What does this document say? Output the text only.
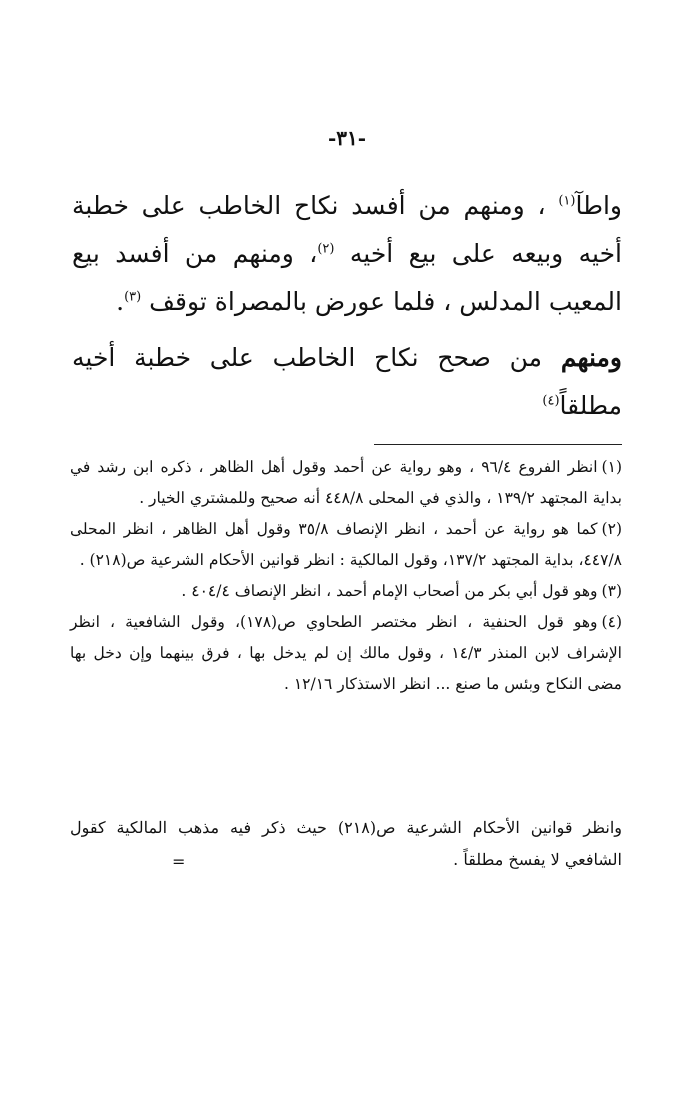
-٣١-

واطآ$^{(١)}$ ، ومنهم من أفسد نكاح الخاطب على خطبة أخيه وبيعه على بيع أخيه $^{(٢)}$، ومنهم من أفسد بيع المعيب المدلس ، فلما عورض بالمصراة توقف $^{(٣)}$.

ومنهم من صحح نكاح الخاطب على خطبة أخيه مطلقاً$^{(٤)}$

(١)انظر الفروع ٩٦/٤ ، وهو رواية عن أحمد وقول أهل الظاهر ، ذكره ابن رشد في بداية المجتهد ١٣٩/٢ ، والذي في المحلى ٤٤٨/٨ أنه صحيح وللمشتري الخيار .

(٢)كما هو رواية عن أحمد ، انظر الإنصاف ٣٥/٨ وقول أهل الظاهر ، انظر المحلى ٤٤٧/٨، بداية المجتهد ١٣٧/٢، وقول المالكية : انظر قوانين الأحكام الشرعية ص(٢١٨) .

(٣)وهو قول أبي بكر من أصحاب الإمام أحمد ، انظر الإنصاف ٤٠٤/٤ .

(٤)وهو قول الحنفية ، انظر مختصر الطحاوي ص(١٧٨)، وقول الشافعية ، انظر الإشراف لابن المنذر ١٤/٣ ، وقول مالك إن لم يدخل بها ، فرق بينهما وإن دخل بها مضى النكاح وبئس ما صنع ... انظر الاستذكار ١٢/١٦ .

وانظر قوانين الأحكام الشرعية ص(٢١٨) حيث ذكر فيه مذهب المالكية كقول الشافعي لا يفسخ مطلقاً .

=
